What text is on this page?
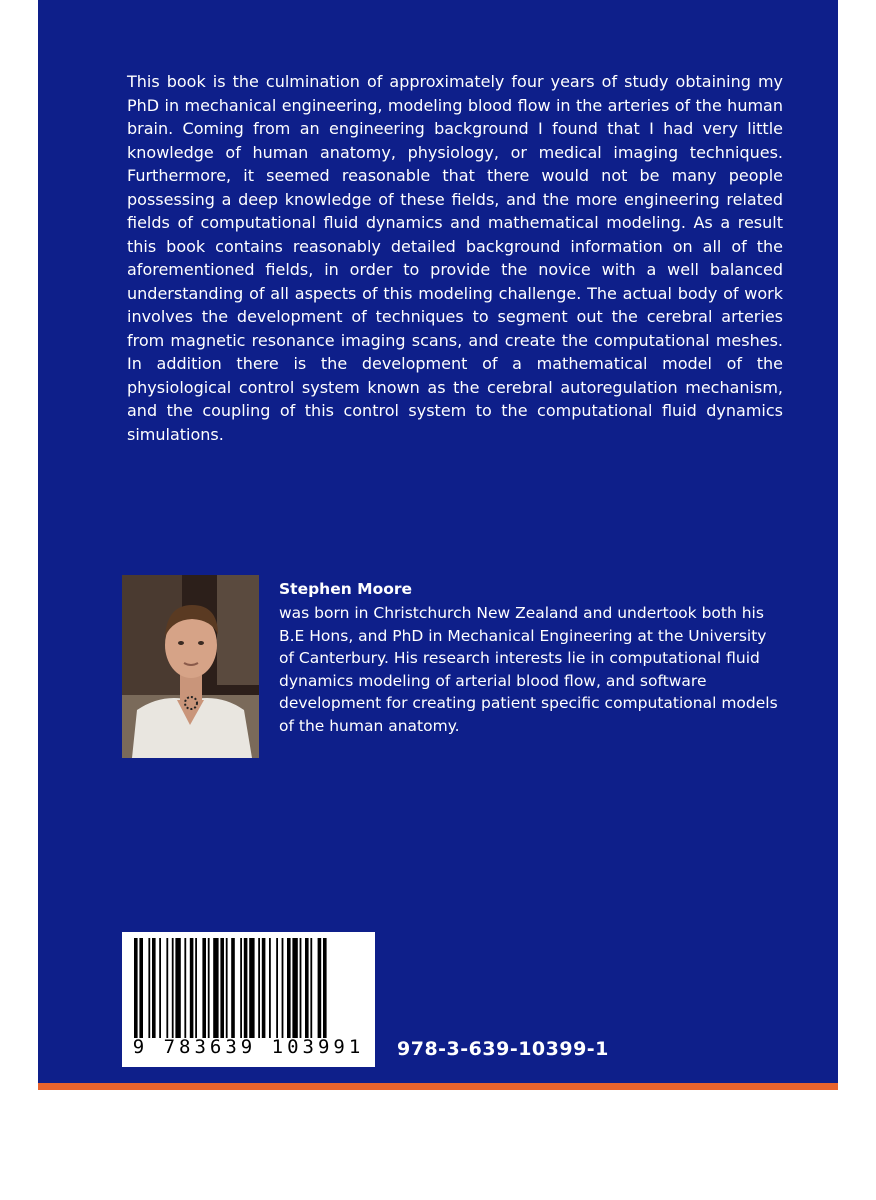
This book is the culmination of approximately four years of study obtaining my PhD in mechanical engineering, modeling blood flow in the arteries of the human brain. Coming from an engineering background I found that I had very little knowledge of human anatomy, physiology, or medical imaging techniques. Furthermore, it seemed reasonable that there would not be many people possessing a deep knowledge of these fields, and the more engineering related fields of computational fluid dynamics and mathematical modeling. As a result this book contains reasonably detailed background information on all of the aforementioned fields, in order to provide the novice with a well balanced understanding of all aspects of this modeling challenge. The actual body of work involves the development of techniques to segment out the cerebral arteries from magnetic resonance imaging scans, and create the computational meshes. In addition there is the development of a mathematical model of the physiological control system known as the cerebral autoregulation mechanism, and the coupling of this control system to the computational fluid dynamics simulations.

Stephen Moore

was born in Christchurch New Zealand and undertook both his B.E Hons, and PhD in Mechanical Engineering at the University of Canterbury. His research interests lie in computational fluid dynamics modeling of arterial blood flow, and software development for creating patient specific computational models of the human anatomy.

9 783639 103991	978-3-639-10399-1
